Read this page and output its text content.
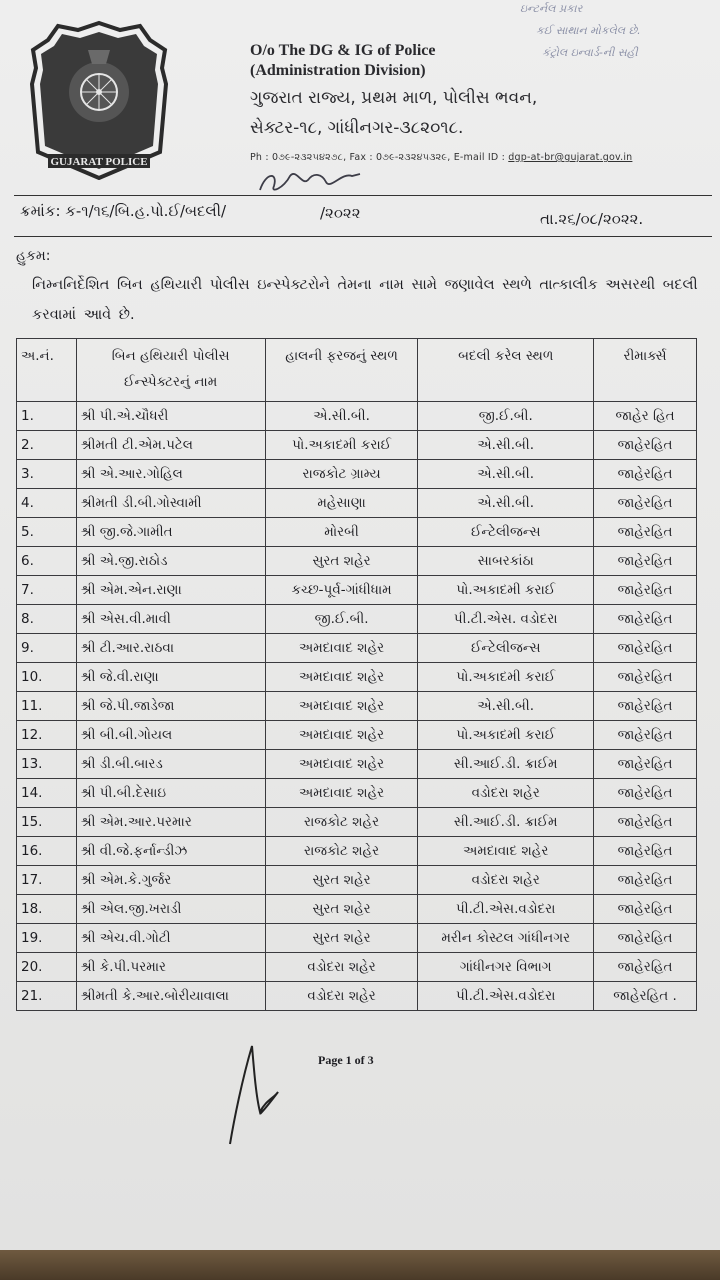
GUJARAT POLICE
O/o The DG & IG of Police
(Administration Division)
ગુજરાત રાજ્ય, પ્રથમ માળ, પોલીસ ભવન,
સેક્ટર-૧૮, ગાંધીનગર-૩૮૨૦૧૮.
Ph : 0૭૯-૨૩૨૫૪૨૭૮, Fax : 0૭૯-૨૩૨૪૫૩૨૯, E-mail ID : dgp-at-br@gujarat.gov.in
ઇન્ટર્નલ પ્રકાર
કઈ સાથાન મોકલેલ છે.
કંટ્રોલ ઇન્વાર્ડ-ની સહી
ક્રમાંક: ક-૧/૧૬/બિ.હ.પો.ઈ/બદલી/	/૨૦૨૨	તા.૨૬/૦૮/૨૦૨૨.
હુકમ:
નિમ્નનિર્દેશિત બિન હથિયારી પોલીસ ઇન્સ્પેક્ટરોને તેમના નામ સામે જણાવેલ સ્થળે તાત્કાલીક અસરથી બદલી કરવામાં આવે છે.
અ.નં.	બિન હથિયારી પોલીસ ઈન્સ્પેક્ટરનું નામ	હાલની ફરજનું સ્થળ	બદલી કરેલ સ્થળ	રીમાર્ક્સ
1.	શ્રી પી.એ.ચૌધરી	એ.સી.બી.	જી.ઈ.બી.	જાહેર હિત
2.	શ્રીમતી ટી.એમ.પટેલ	પો.અકાદમી કરાઈ	એ.સી.બી.	જાહેરહિત
3.	શ્રી એ.આર.ગોહિલ	રાજકોટ ગ્રામ્ય	એ.સી.બી.	જાહેરહિત
4.	શ્રીમતી ડી.બી.ગોસ્વામી	મહેસાણા	એ.સી.બી.	જાહેરહિત
5.	શ્રી જી.જે.ગામીત	મોરબી	ઈન્ટેલીજન્સ	જાહેરહિત
6.	શ્રી એ.જી.રાઠોડ	સુરત શહેર	સાબરકાંઠા	જાહેરહિત
7.	શ્રી એમ.એન.રાણા	કચ્છ-પૂર્વ-ગાંધીધામ	પો.અકાદમી કરાઈ	જાહેરહિત
8.	શ્રી એસ.વી.માવી	જી.ઈ.બી.	પી.ટી.એસ. વડોદરા	જાહેરહિત
9.	શ્રી ટી.આર.રાઠવા	અમદાવાદ શહેર	ઈન્ટેલીજન્સ	જાહેરહિત
10.	શ્રી જે.વી.રાણા	અમદાવાદ શહેર	પો.અકાદમી કરાઈ	જાહેરહિત
11.	શ્રી જે.પી.જાડેજા	અમદાવાદ શહેર	એ.સી.બી.	જાહેરહિત
12.	શ્રી બી.બી.ગોયલ	અમદાવાદ શહેર	પો.અકાદમી કરાઈ	જાહેરહિત
13.	શ્રી ડી.બી.બારડ	અમદાવાદ શહેર	સી.આઈ.ડી. ક્રાઈમ	જાહેરહિત
14.	શ્રી પી.બી.દેસાઇ	અમદાવાદ શહેર	વડોદરા શહેર	જાહેરહિત
15.	શ્રી એમ.આર.પરમાર	રાજકોટ શહેર	સી.આઈ.ડી. ક્રાઈમ	જાહેરહિત
16.	શ્રી વી.જે.ફર્નાન્ડીઝ	રાજકોટ શહેર	અમદાવાદ શહેર	જાહેરહિત
17.	શ્રી એમ.કે.ગુર્જર	સુરત શહેર	વડોદરા શહેર	જાહેરહિત
18.	શ્રી એલ.જી.ખરાડી	સુરત શહેર	પી.ટી.એસ.વડોદરા	જાહેરહિત
19.	શ્રી એચ.વી.ગોટી	સુરત શહેર	મરીન કોસ્ટલ ગાંધીનગર	જાહેરહિત
20.	શ્રી કે.પી.પરમાર	વડોદરા શહેર	ગાંધીનગર વિભાગ	જાહેરહિત
21.	શ્રીમતી કે.આર.બોરીયાવાલા	વડોદરા શહેર	પી.ટી.એસ.વડોદરા	જાહેરહિત .
Page 1 of 3
